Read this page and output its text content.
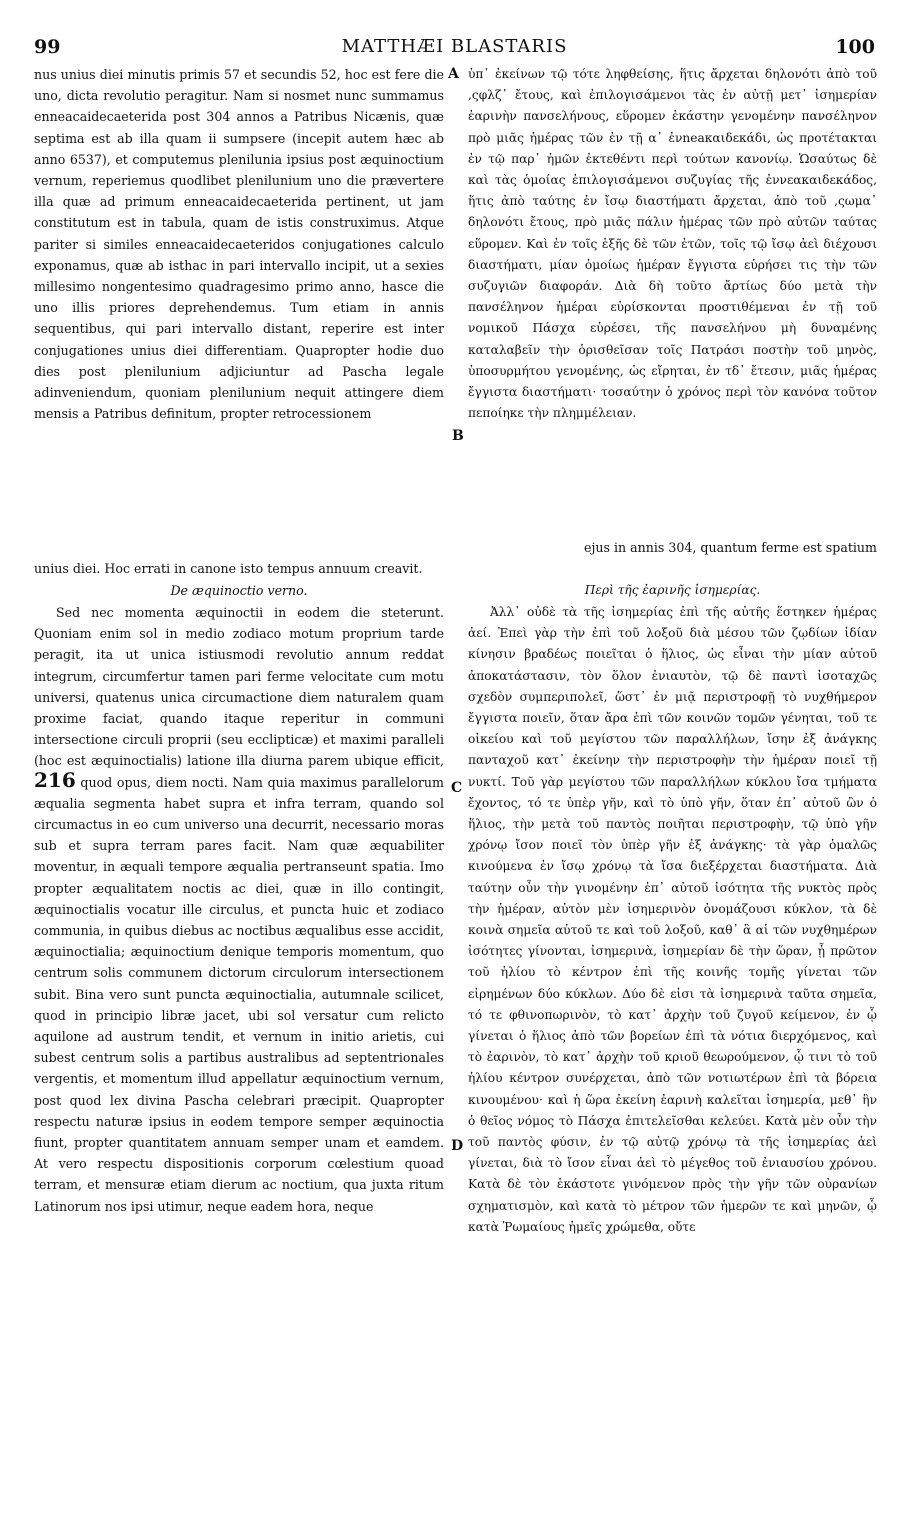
99	MATTHÆI BLASTARIS	100
A
B
C
D

nus unius diei minutis primis 57 et secundis 52, hoc est fere die uno, dicta revolutio peragitur. Nam si nosmet nunc summamus enneacaidecaeterida post 304 annos a Patribus Nicænis, quæ septima est ab illa quam ii sumpsere (incepit autem hæc ab anno 6537), et computemus plenilunia ipsius post æquinoctium vernum, reperiemus quodlibet plenilunium uno die prævertere illa quæ ad primum enneacaidecaeterida pertinent, ut jam constitutum est in tabula, quam de istis construximus. Atque pariter si similes enneacaidecaeteridos conjugationes calculo exponamus, quæ ab isthac in pari intervallo incipit, ut a sexies millesimo nongentesimo quadragesimo primo anno, hasce die uno illis priores deprehendemus. Tum etiam in annis sequentibus, qui pari intervallo distant, reperire est inter conjugationes unius diei differentiam. Quapropter hodie duo dies post plenilunium adjiciuntur ad Pascha legale adinveniendum, quoniam plenilunium nequit attingere diem mensis a Patribus definitum, propter retrocessionem

ὑπ᾽ ἐκείνων τῷ τότε ληφθείσης, ἥτις ἄρχεται δηλονότι ἀπὸ τοῦ ,ςφλζ᾽ ἔτους, καὶ ἐπιλογισάμενοι τὰς ἐν αὐτῇ μετ᾽ ἰσημερίαν ἐαρινὴν πανσελήνους, εὕρομεν ἑκάστην γενομένην πανσέληνον πρὸ μιᾶς ἡμέρας τῶν ἐν τῇ α᾽ ἐνneaκαιδεκάδι, ὡς προτέτακται ἐν τῷ παρ᾽ ἡμῶν ἐκτεθέντι περὶ τούτων κανονίῳ. Ὡσαύτως δὲ καὶ τὰς ὁμοίας ἐπιλογισάμενοι συζυγίας τῆς ἐννεακαιδεκάδος, ἥτις ἀπὸ ταύτης ἐν ἴσῳ διαστήματι ἄρχεται, ἀπὸ τοῦ ,ςωμα᾽ δηλονότι ἔτους, πρὸ μιᾶς πάλιν ἡμέρας τῶν πρὸ αὐτῶν ταύτας εὕρομεν. Καὶ ἐν τοῖς ἑξῆς δὲ τῶν ἐτῶν, τοῖς τῷ ἴσῳ ἀεὶ διέχουσι διαστήματι, μίαν ὁμοίως ἡμέραν ἔγγιστα εὑρήσει τις τὴν τῶν συζυγιῶν διαφοράν. Διὰ δὴ τοῦτο ἄρτίως δύο μετὰ τὴν πανσέληνον ἡμέραι εὑρίσκονται προστιθέμεναι ἐν τῇ τοῦ νομικοῦ Πάσχα εὑρέσει, τῆς πανσελήνου μὴ δυναμένης καταλαβεῖν τὴν ὁρισθεῖσαν τοῖς Πατράσι ποστὴν τοῦ μηνὸς, ὑποσυρμήτου γενομένης, ὡς εἴρηται, ἐν τδ᾽ ἔτεσιν, μιᾶς ἡμέρας ἔγγιστα διαστήματι· τοσαύτην ὁ χρόνος περὶ τὸν κανόνα τοῦτον πεποίηκε τὴν πλημμέλειαν.

ejus in annis 304, quantum ferme est spatium
unius diei. Hoc errati in canone isto tempus annuum creavit.

De æquinoctio verno.	Περὶ τῆς ἐαρινῆς ἰσημερίας.

Sed nec momenta æquinoctii in eodem die steterunt. Quoniam enim sol in medio zodiaco motum proprium tarde peragit, ita ut unica istiusmodi revolutio annum reddat integrum, circumfertur tamen pari ferme velocitate cum motu universi, quatenus unica circumactione diem naturalem quam proxime faciat, quando itaque reperitur in communi intersectione circuli proprii (seu ecclipticæ) et maximi parallelі (hoc est æquinoctialis) latione illa diurna parem ubique efficit, 216 quod opus, diem nocti. Nam quia maximus parallelorum æqualia segmenta habet supra et infra terram, quando sol circumactus in eo cum universo una decurrit, necessario moras sub et supra terram pares facit. Nam quæ æquabiliter moventur, in æquali tempore æqualia pertranseunt spatia. Imo propter æqualitatem noctis ac diei, quæ in illo contingit, æquinoctialis vocatur ille circulus, et puncta huic et zodiaco communia, in quibus diebus ac noctibus æqualibus esse accidit, æquinoctialia; æquinoctium denique temporis momentum, quo centrum solis communem dictorum circulorum intersectionem subit. Bina vero sunt puncta æquinoctialia, autumnale scilicet, quod in principio libræ jacet, ubi sol versatur cum relicto aquilone ad austrum tendit, et vernum in initio arietis, cui subest centrum solis a partibus australibus ad septentrionales vergentis, et momentum illud appellatur æquinoctium vernum, post quod lex divina Pascha celebrari præcipit. Quapropter respectu naturæ ipsius in eodem tempore semper æquinoctia fiunt, propter quantitatem annuam semper unam et eamdem. At vero respectu dispositionis corporum cœlestium quoad terram, et mensuræ etiam dierum ac noctium, qua juxta ritum Latinorum nos ipsi utimur, neque eadem hora, neque

Ἀλλ᾽ οὐδὲ τὰ τῆς ἰσημερίας ἐπὶ τῆς αὐτῆς ἕστηκεν ἡμέρας ἀεί. Ἐπεὶ γὰρ τὴν ἐπὶ τοῦ λοξοῦ διὰ μέσου τῶν ζῳδίων ἰδίαν κίνησιν βραδέως ποιεῖται ὁ ἥλιος, ὡς εἶναι τὴν μίαν αὐτοῦ ἀποκατάστασιν, τὸν ὅλον ἐνιαυτὸν, τῷ δὲ παντὶ ἰσοταχῶς σχεδὸν συμπεριπολεῖ, ὥστ᾽ ἐν μιᾷ περιστροφῇ τὸ νυχθήμερον ἔγγιστα ποιεῖν, ὅταν ἄρα ἐπὶ τῶν κοινῶν τομῶν γένηται, τοῦ τε οἰκείου καὶ τοῦ μεγίστου τῶν παραλλήλων, ἴσην ἐξ ἀνάγκης πανταχοῦ κατ᾽ ἐκείνην τὴν περιστροφὴν τὴν ἡμέραν ποιεῖ τῇ νυκτί. Τοῦ γὰρ μεγίστου τῶν παραλλήλων κύκλου ἴσα τμήματα ἔχοντος, τό τε ὑπὲρ γῆν, καὶ τὸ ὑπὸ γῆν, ὅταν ἐπ᾽ αὐτοῦ ὢν ὁ ἥλιος, τὴν μετὰ τοῦ παντὸς ποιῆται περιστροφὴν, τῷ ὑπὸ γῆν χρόνῳ ἴσον ποιεῖ τὸν ὑπὲρ γῆν ἐξ ἀνάγκης· τὰ γὰρ ὁμαλῶς κινούμενα ἐν ἴσῳ χρόνῳ τὰ ἴσα διεξέρχεται διαστήματα. Διὰ ταύτην οὖν τὴν γινομένην ἐπ᾽ αὐτοῦ ἰσότητα τῆς νυκτὸς πρὸς τὴν ἡμέραν, αὐτὸν μὲν ἰσημερινὸν ὀνομάζουσι κύκλον, τὰ δὲ κοινὰ σημεῖα αὐτοῦ τε καὶ τοῦ λοξοῦ, καθ᾽ ἃ αἱ τῶν νυχθημέρων ἰσότητες γίνονται, ἰσημερινὰ, ἰσημερίαν δὲ τὴν ὥραν, ᾗ πρῶτον τοῦ ἡλίου τὸ κέντρον ἐπὶ τῆς κοινῆς τομῆς γίνεται τῶν εἰρημένων δύο κύκλων. Δύο δὲ εἰσι τὰ ἰσημερινὰ ταῦτα σημεῖα, τό τε φθινοπωρινὸν, τὸ κατ᾽ ἀρχὴν τοῦ ζυγοῦ κείμενον, ἐν ᾧ γίνεται ὁ ἥλιος ἀπὸ τῶν βορείων ἐπὶ τὰ νότια διερχόμενος, καὶ τὸ ἐαρινὸν, τὸ κατ᾽ ἀρχὴν τοῦ κριοῦ θεωρούμενον, ᾧ τινι τὸ τοῦ ἡλίου κέντρον συνέρχεται, ἀπὸ τῶν νοτιωτέρων ἐπὶ τὰ βόρεια κινουμένου· καὶ ἡ ὥρα ἐκείνη ἐαρινὴ καλεῖται ἰσημερία, μεθ᾽ ἣν ὁ θεῖος νόμος τὸ Πάσχα ἐπιτελεῖσθαι κελεύει. Κατὰ μὲν οὖν τὴν τοῦ παντὸς φύσιν, ἐν τῷ αὐτῷ χρόνῳ τὰ τῆς ἰσημερίας ἀεὶ γίνεται, διὰ τὸ ἴσον εἶναι ἀεὶ τὸ μέγεθος τοῦ ἐνιαυσίου χρόνου. Κατὰ δὲ τὸν ἑκάστοτε γινόμενον πρὸς τὴν γῆν τῶν οὐρανίων σχηματισμὸν, καὶ κατὰ τὸ μέτρον τῶν ἡμερῶν τε καὶ μηνῶν, ᾧ κατὰ Ῥωμαίους ἡμεῖς χρώμεθα, οὔτε
